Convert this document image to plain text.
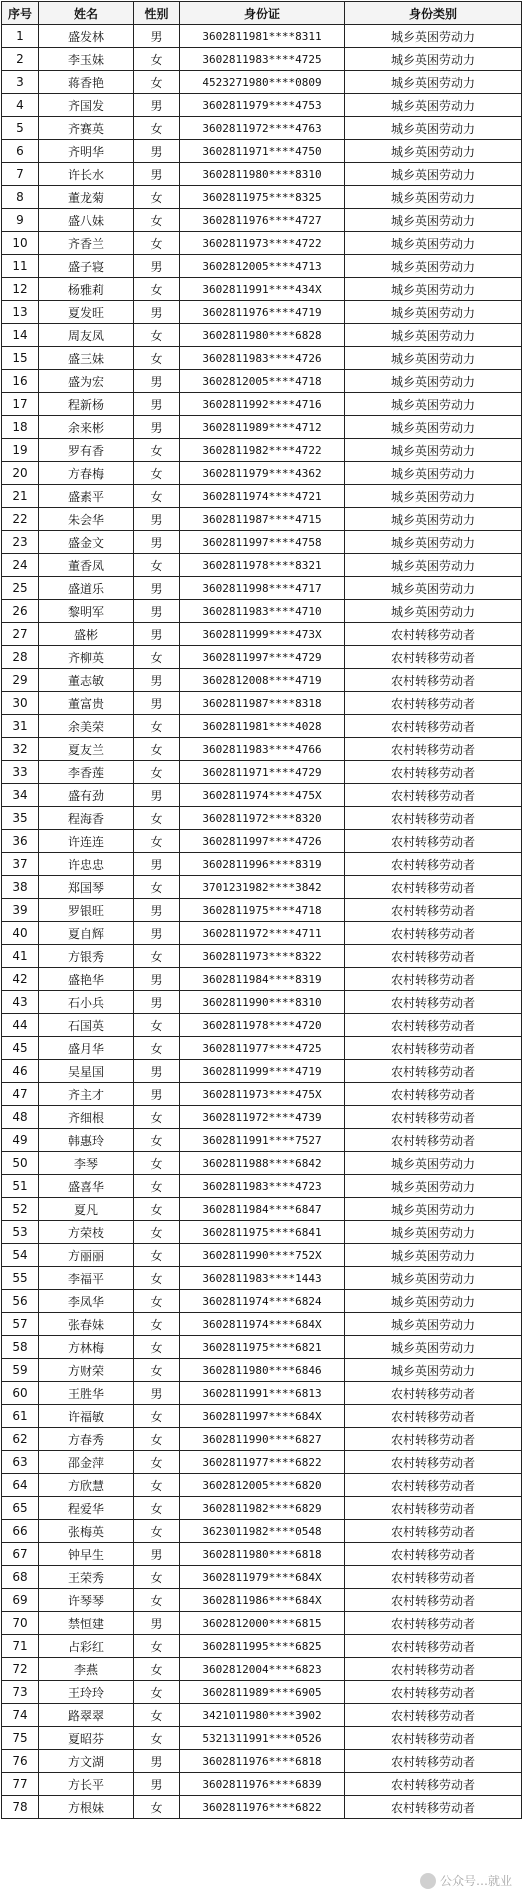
序号	姓名	性别	身份证	身份类别
1	盛发林	男	3602811981****8311	城乡英困劳动力
2	李玉妹	女	3602811983****4725	城乡英困劳动力
3	蒋香艳	女	4523271980****0809	城乡英困劳动力
4	齐国发	男	3602811979****4753	城乡英困劳动力
5	齐赛英	女	3602811972****4763	城乡英困劳动力
6	齐明华	男	3602811971****4750	城乡英困劳动力
7	许长水	男	3602811980****8310	城乡英困劳动力
8	董龙菊	女	3602811975****8325	城乡英困劳动力
9	盛八妹	女	3602811976****4727	城乡英困劳动力
10	齐香兰	女	3602811973****4722	城乡英困劳动力
11	盛子寝	男	3602812005****4713	城乡英困劳动力
12	杨雅莉	女	3602811991****434X	城乡英困劳动力
13	夏发旺	男	3602811976****4719	城乡英困劳动力
14	周友凤	女	3602811980****6828	城乡英困劳动力
15	盛三妹	女	3602811983****4726	城乡英困劳动力
16	盛为宏	男	3602812005****4718	城乡英困劳动力
17	程新杨	男	3602811992****4716	城乡英困劳动力
18	余来彬	男	3602811989****4712	城乡英困劳动力
19	罗有香	女	3602811982****4722	城乡英困劳动力
20	方春梅	女	3602811979****4362	城乡英困劳动力
21	盛素平	女	3602811974****4721	城乡英困劳动力
22	朱会华	男	3602811987****4715	城乡英困劳动力
23	盛金文	男	3602811997****4758	城乡英困劳动力
24	董香凤	女	3602811978****8321	城乡英困劳动力
25	盛道乐	男	3602811998****4717	城乡英困劳动力
26	黎明军	男	3602811983****4710	城乡英困劳动力
27	盛彬	男	3602811999****473X	农村转移劳动者
28	齐柳英	女	3602811997****4729	农村转移劳动者
29	董志敏	男	3602812008****4719	农村转移劳动者
30	董富贵	男	3602811987****8318	农村转移劳动者
31	余美荣	女	3602811981****4028	农村转移劳动者
32	夏友兰	女	3602811983****4766	农村转移劳动者
33	李香莲	女	3602811971****4729	农村转移劳动者
34	盛有劲	男	3602811974****475X	农村转移劳动者
35	程海香	女	3602811972****8320	农村转移劳动者
36	许连连	女	3602811997****4726	农村转移劳动者
37	许忠忠	男	3602811996****8319	农村转移劳动者
38	郑国琴	女	3701231982****3842	农村转移劳动者
39	罗银旺	男	3602811975****4718	农村转移劳动者
40	夏自辉	男	3602811972****4711	农村转移劳动者
41	方银秀	女	3602811973****8322	农村转移劳动者
42	盛艳华	男	3602811984****8319	农村转移劳动者
43	石小兵	男	3602811990****8310	农村转移劳动者
44	石国英	女	3602811978****4720	农村转移劳动者
45	盛月华	女	3602811977****4725	农村转移劳动者
46	吴星国	男	3602811999****4719	农村转移劳动者
47	齐主才	男	3602811973****475X	农村转移劳动者
48	齐细根	女	3602811972****4739	农村转移劳动者
49	韩惠玲	女	3602811991****7527	农村转移劳动者
50	李琴	女	3602811988****6842	城乡英困劳动力
51	盛喜华	女	3602811983****4723	城乡英困劳动力
52	夏凡	女	3602811984****6847	城乡英困劳动力
53	方荣枝	女	3602811975****6841	城乡英困劳动力
54	方丽丽	女	3602811990****752X	城乡英困劳动力
55	李福平	女	3602811983****1443	城乡英困劳动力
56	李凤华	女	3602811974****6824	城乡英困劳动力
57	张春妹	女	3602811974****684X	城乡英困劳动力
58	方林梅	女	3602811975****6821	城乡英困劳动力
59	方财荣	女	3602811980****6846	城乡英困劳动力
60	王胜华	男	3602811991****6813	农村转移劳动者
61	许福敏	女	3602811997****684X	农村转移劳动者
62	方春秀	女	3602811990****6827	农村转移劳动者
63	邵金萍	女	3602811977****6822	农村转移劳动者
64	方欣慧	女	3602812005****6820	农村转移劳动者
65	程爱华	女	3602811982****6829	农村转移劳动者
66	张梅英	女	3623011982****0548	农村转移劳动者
67	钟早生	男	3602811980****6818	农村转移劳动者
68	王荣秀	女	3602811979****684X	农村转移劳动者
69	许琴琴	女	3602811986****684X	农村转移劳动者
70	禁恒建	男	3602812000****6815	农村转移劳动者
71	占彩红	女	3602811995****6825	农村转移劳动者
72	李燕	女	3602812004****6823	农村转移劳动者
73	王玲玲	女	3602811989****6905	农村转移劳动者
74	路翠翠	女	3421011980****3902	农村转移劳动者
75	夏昭芬	女	5321311991****0526	农村转移劳动者
76	方文湖	男	3602811976****6818	农村转移劳动者
77	方长平	男	3602811976****6839	农村转移劳动者
78	方根妹	女	3602811976****6822	农村转移劳动者
公众号…就业
